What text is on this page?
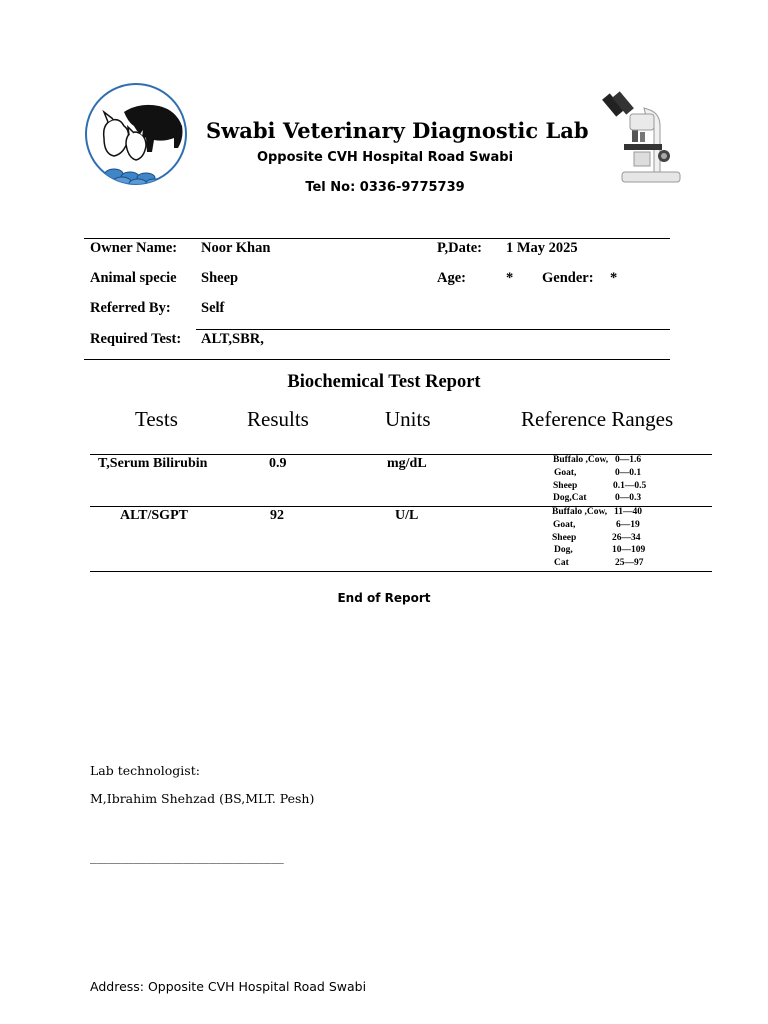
Swabi Veterinary Diagnostic Lab
Opposite CVH Hospital Road Swabi
Tel No: 0336-9775739
Owner Name: Noor Khan	P,Date: 1 May 2025
Animal specie Sheep	Age:	* Gender: *
Referred By: Self
Required Test: ALT,SBR,
Biochemical Test Report
Tests	Results	Units	Reference Ranges
T,Serum Bilirubin	0.9	mg/dL	Buffalo ,Cow, 0—1.6
Goat,	0—0.1
Sheep	0.1—0.5
Dog,Cat	0—0.3
ALT/SGPT	92	U/L	Buffalo ,Cow, 11—40
Goat,	6—19
Sheep	26—34
Dog,	10—109
Cat	25—97
End of Report
Lab technologist:
M,Ibrahim Shehzad (BS,MLT. Pesh)
_______________________________
Address: Opposite CVH Hospital Road Swabi
